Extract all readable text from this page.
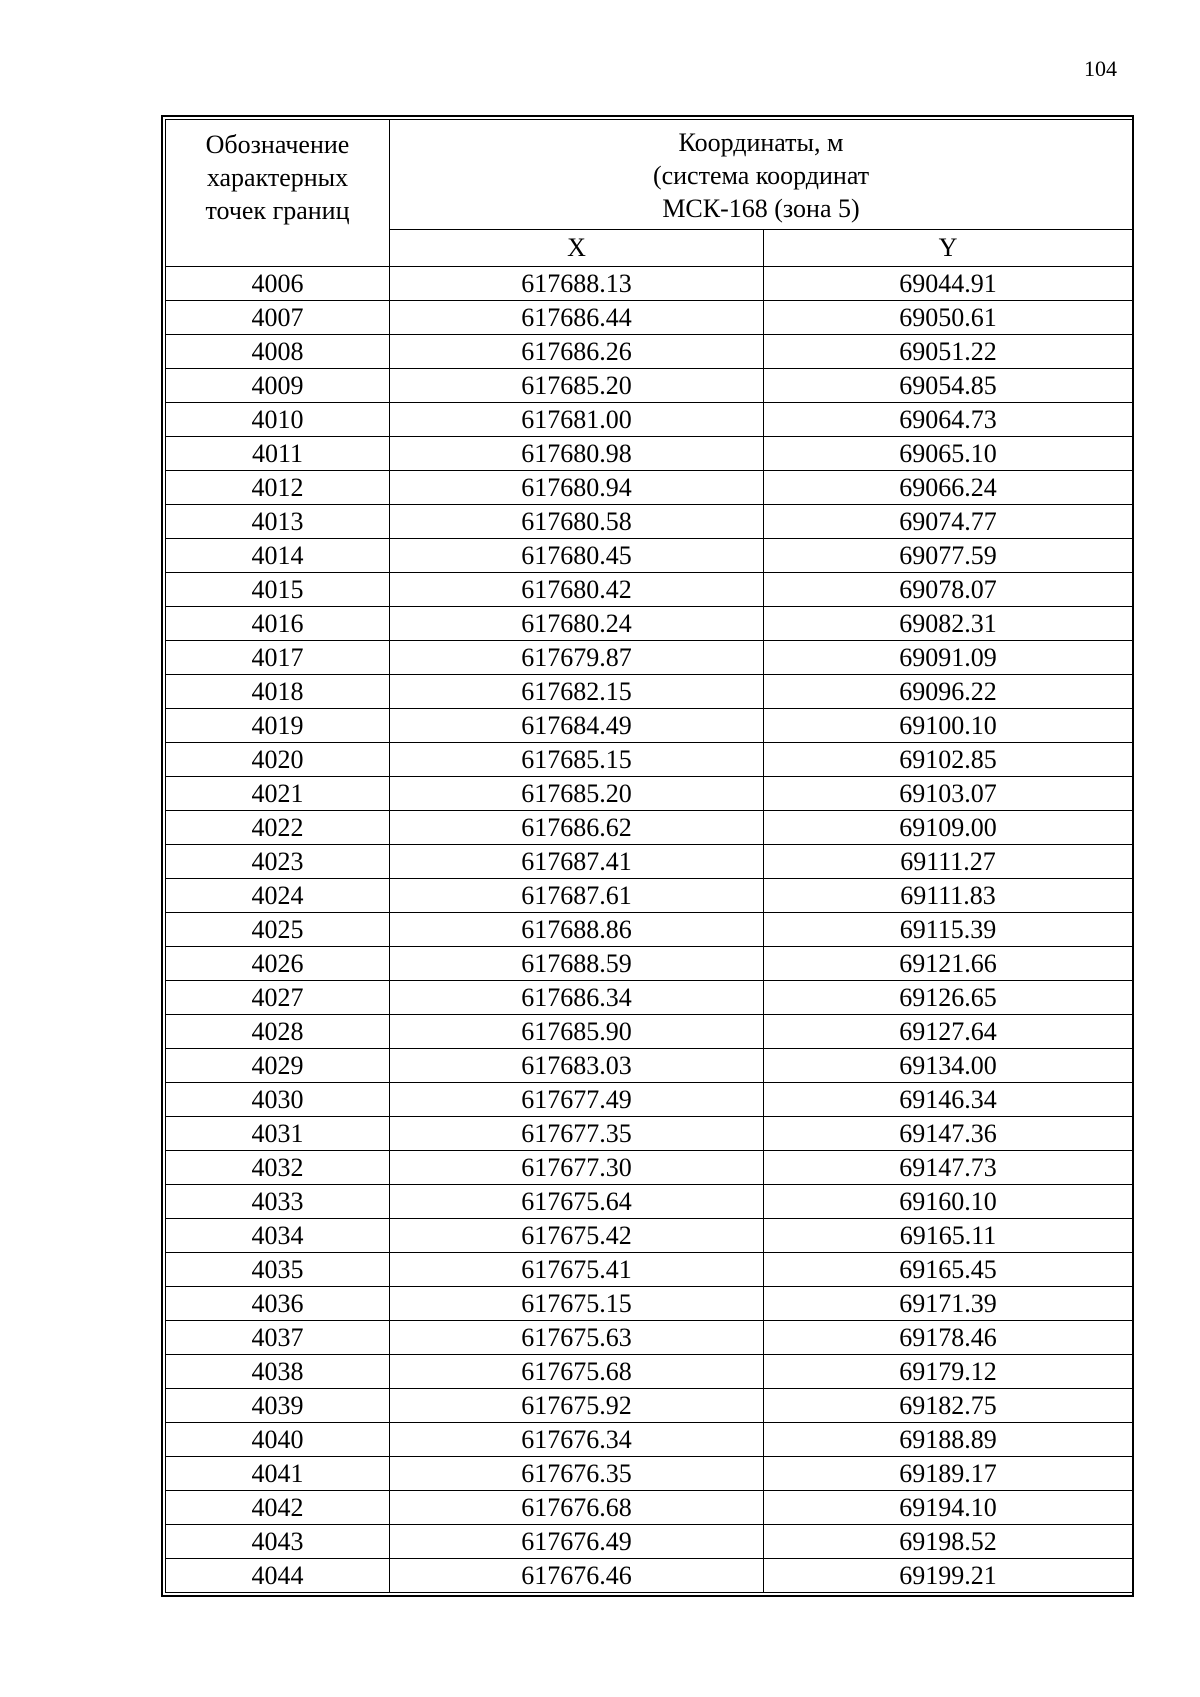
104
Обозначение
характерных
точек границ	Координаты, м
(система координат
МСК-168 (зона 5)	

	X	Y
4006	617688.13	69044.91
4007	617686.44	69050.61
4008	617686.26	69051.22
4009	617685.20	69054.85
4010	617681.00	69064.73
4011	617680.98	69065.10
4012	617680.94	69066.24
4013	617680.58	69074.77
4014	617680.45	69077.59
4015	617680.42	69078.07
4016	617680.24	69082.31
4017	617679.87	69091.09
4018	617682.15	69096.22
4019	617684.49	69100.10
4020	617685.15	69102.85
4021	617685.20	69103.07
4022	617686.62	69109.00
4023	617687.41	69111.27
4024	617687.61	69111.83
4025	617688.86	69115.39
4026	617688.59	69121.66
4027	617686.34	69126.65
4028	617685.90	69127.64
4029	617683.03	69134.00
4030	617677.49	69146.34
4031	617677.35	69147.36
4032	617677.30	69147.73
4033	617675.64	69160.10
4034	617675.42	69165.11
4035	617675.41	69165.45
4036	617675.15	69171.39
4037	617675.63	69178.46
4038	617675.68	69179.12
4039	617675.92	69182.75
4040	617676.34	69188.89
4041	617676.35	69189.17
4042	617676.68	69194.10
4043	617676.49	69198.52
4044	617676.46	69199.21
